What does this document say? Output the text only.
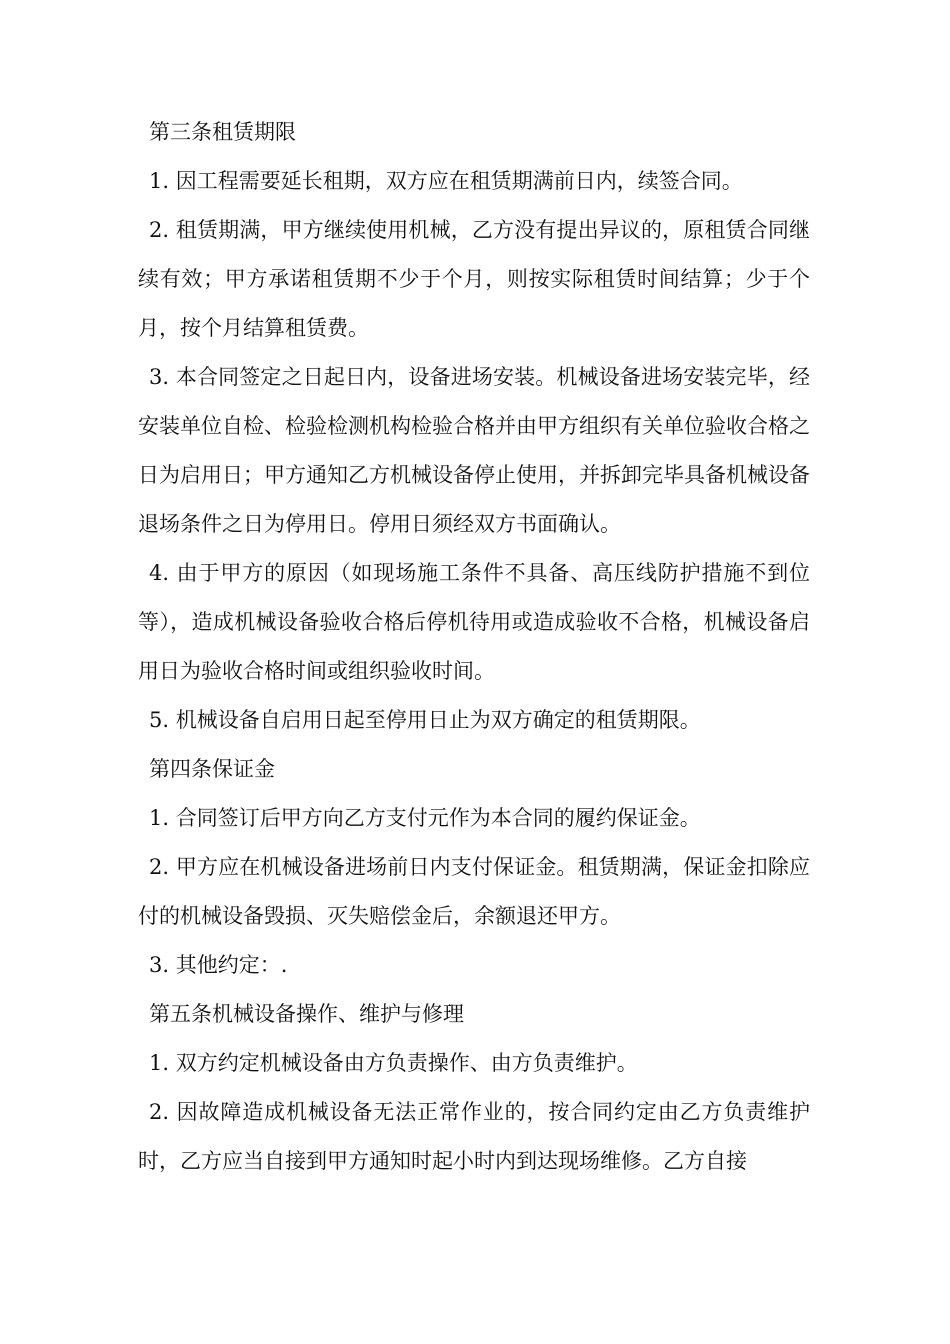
第三条租赁期限

1. 因工程需要延长租期，双方应在租赁期满前日内，续签合同。

2. 租赁期满，甲方继续使用机械，乙方没有提出异议的，原租赁合同继续有效；甲方承诺租赁期不少于个月，则按实际租赁时间结算；少于个月，按个月结算租赁费。

3. 本合同签定之日起日内，设备进场安装。机械设备进场安装完毕，经安装单位自检、检验检测机构检验合格并由甲方组织有关单位验收合格之日为启用日；甲方通知乙方机械设备停止使用，并拆卸完毕具备机械设备退场条件之日为停用日。停用日须经双方书面确认。

4. 由于甲方的原因（如现场施工条件不具备、高压线防护措施不到位等），造成机械设备验收合格后停机待用或造成验收不合格，机械设备启用日为验收合格时间或组织验收时间。

5. 机械设备自启用日起至停用日止为双方确定的租赁期限。

第四条保证金

1. 合同签订后甲方向乙方支付元作为本合同的履约保证金。

2. 甲方应在机械设备进场前日内支付保证金。租赁期满，保证金扣除应付的机械设备毁损、灭失赔偿金后，余额退还甲方。

3. 其他约定：.

第五条机械设备操作、维护与修理

1. 双方约定机械设备由方负责操作、由方负责维护。

2. 因故障造成机械设备无法正常作业的，按合同约定由乙方负责维护时，乙方应当自接到甲方通知时起小时内到达现场维修。乙方自接
